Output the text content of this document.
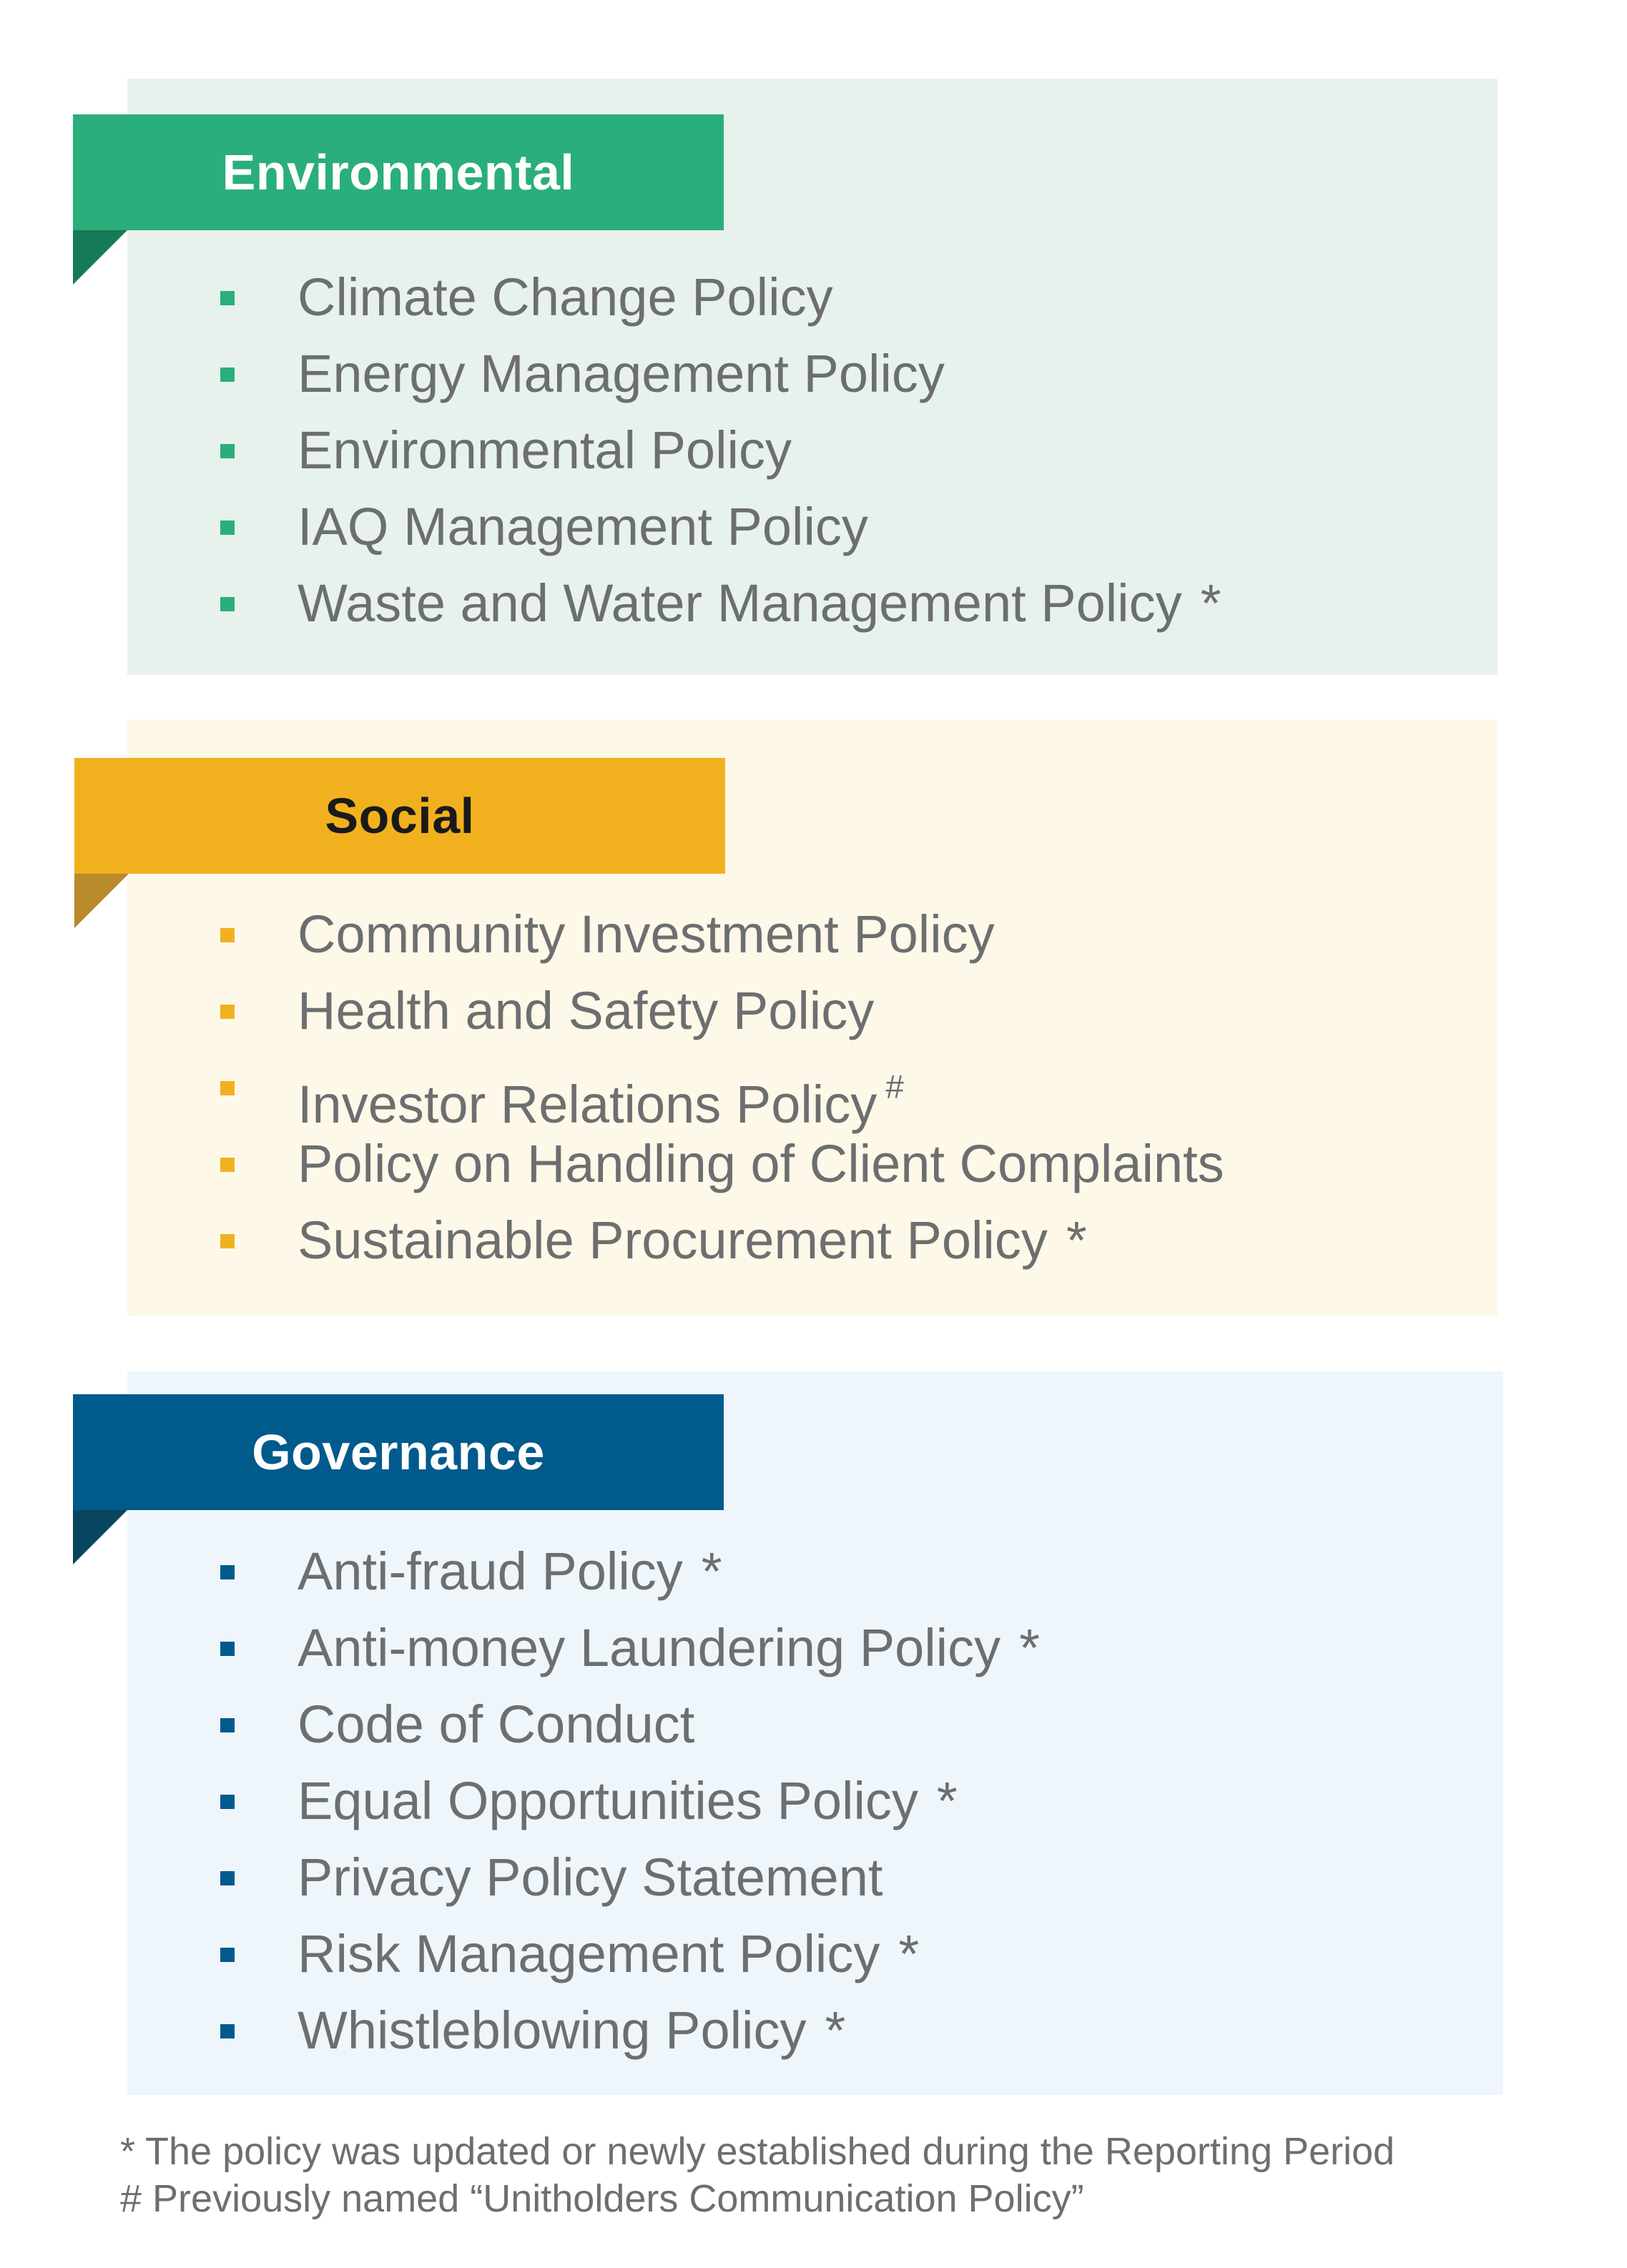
Environmental
Climate Change Policy
Energy Management Policy
Environmental Policy
IAQ Management Policy
Waste and Water Management Policy *
Social
Community Investment Policy
Health and Safety Policy
Investor Relations Policy #
Policy on Handling of Client Complaints
Sustainable Procurement Policy *
Governance
Anti-fraud Policy *
Anti-money Laundering Policy *
Code of Conduct
Equal Opportunities Policy *
Privacy Policy Statement
Risk Management Policy *
Whistleblowing Policy *
* The policy was updated or newly established during the Reporting Period
# Previously named “Unitholders Communication Policy”
